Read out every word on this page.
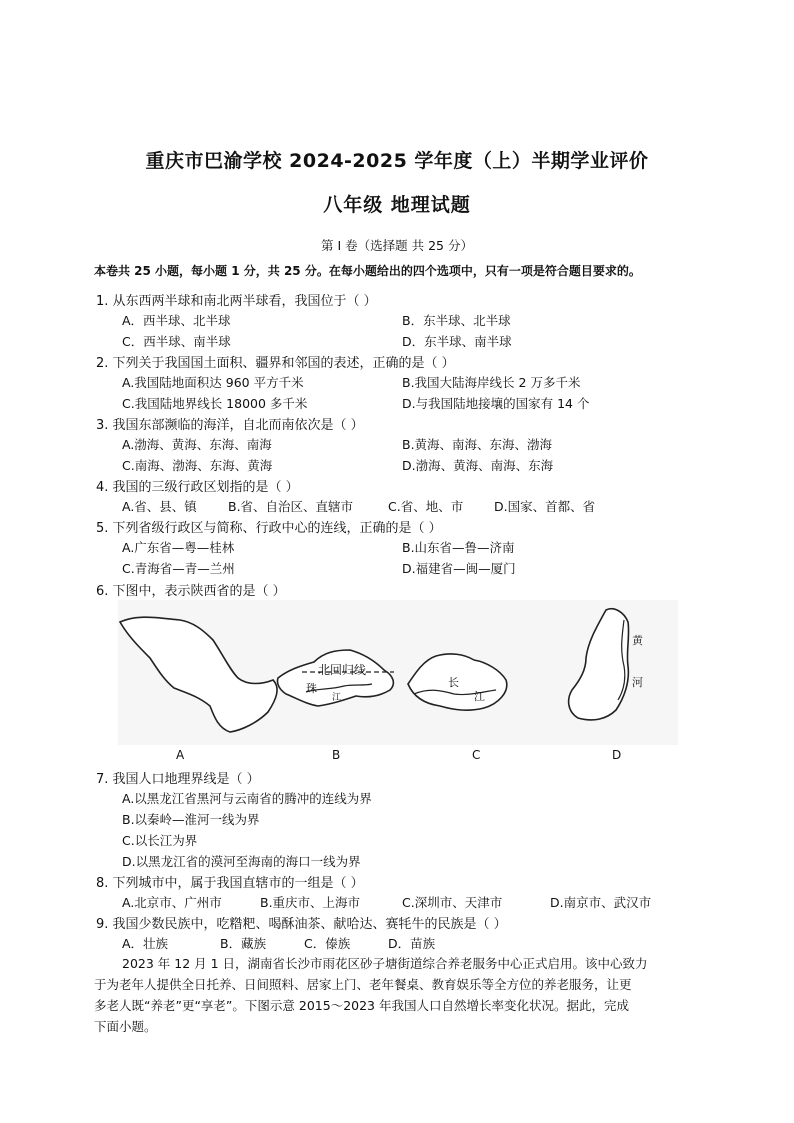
重庆市巴渝学校 2024-2025 学年度（上）半期学业评价
八年级 地理试题
第 I 卷（选择题 共 25 分）
本卷共 25 小题，每小题 1 分，共 25 分。在每小题给出的四个选项中，只有一项是符合题目要求的。
1. 从东西两半球和南北两半球看，我国位于（ ）
A．西半球、北半球	B．东半球、北半球
C．西半球、南半球	D．东半球、南半球
2. 下列关于我国国土面积、疆界和邻国的表述，正确的是（ ）
A.我国陆地面积达 960 平方千米	B.我国大陆海岸线长 2 万多千米
C.我国陆地界线长 18000 多千米	D.与我国陆地接壤的国家有 14 个
3. 我国东部濒临的海洋，自北而南依次是（ ）
A.渤海、黄海、东海、南海	B.黄海、南海、东海、渤海
C.南海、渤海、东海、黄海	D.渤海、黄海、南海、东海
4. 我国的三级行政区划指的是（ ）
A.省、县、镇 B.省、自治区、直辖市	C.省、地、市 D.国家、首都、省
5. 下列省级行政区与简称、行政中心的连线，正确的是（ ）
A.广东省—粤—桂林	B.山东省—鲁—济南
C.青海省—青—兰州	D.福建省—闽—厦门
6. 下图中，表示陕西省的是（ ）
北回归线
珠
江
长
江
黄
河
A	B	C	D
7. 我国人口地理界线是（ ）
A.以黑龙江省黑河与云南省的腾冲的连线为界
B.以秦岭—淮河一线为界
C.以长江为界
D.以黑龙江省的漠河至海南的海口一线为界
8. 下列城市中，属于我国直辖市的一组是（ ）
A.北京市、广州市	B.重庆市、上海市	C.深圳市、天津市	D.南京市、武汉市
9. 我国少数民族中，吃糌粑、喝酥油茶、献哈达、赛牦牛的民族是（ ）
A．壮族	B．藏族	C．傣族	D．苗族

2023 年 12 月 1 日，湖南省长沙市雨花区砂子塘街道综合养老服务中心正式启用。该中心致力

于为老年人提供全日托养、日间照料、居家上门、老年餐桌、教育娱乐等全方位的养老服务，让更

多老人既“养老”更“享老”。下图示意 2015～2023 年我国人口自然增长率变化状况。据此，完成

下面小题。
